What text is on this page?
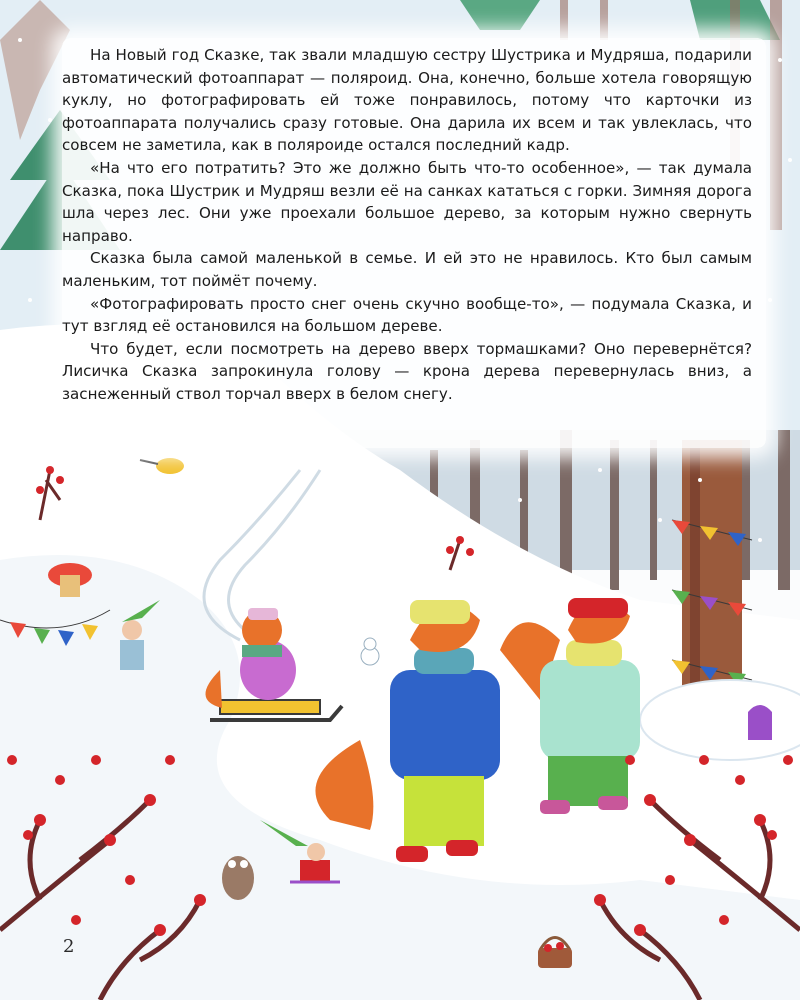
На Новый год Сказке, так звали младшую сестру Шустрика и Мудряша, подарили автоматический фотоаппарат — поляроид. Она, конечно, больше хотела говорящую куклу, но фотографировать ей тоже понравилось, потому что карточки из фотоаппарата получались сразу готовые. Она дарила их всем и так увлеклась, что совсем не заметила, как в поляроиде остался последний кадр.

«На что его потратить? Это же должно быть что-то особенное», — так думала Сказка, пока Шустрик и Мудряш везли её на санках кататься с горки. Зимняя дорога шла через лес. Они уже проехали большое дерево, за которым нужно свернуть направо.

Сказка была самой маленькой в семье. И ей это не нравилось. Кто был самым маленьким, тот поймёт почему.

«Фотографировать просто снег очень скучно вообще-то», — подумала Сказка, и тут взгляд её остановился на большом дереве.

Что будет, если посмотреть на дерево вверх тормашками? Оно перевернётся? Лисичка Сказка запрокинула голову — крона дерева перевернулась вниз, а заснеженный ствол торчал вверх в белом снегу.

2
